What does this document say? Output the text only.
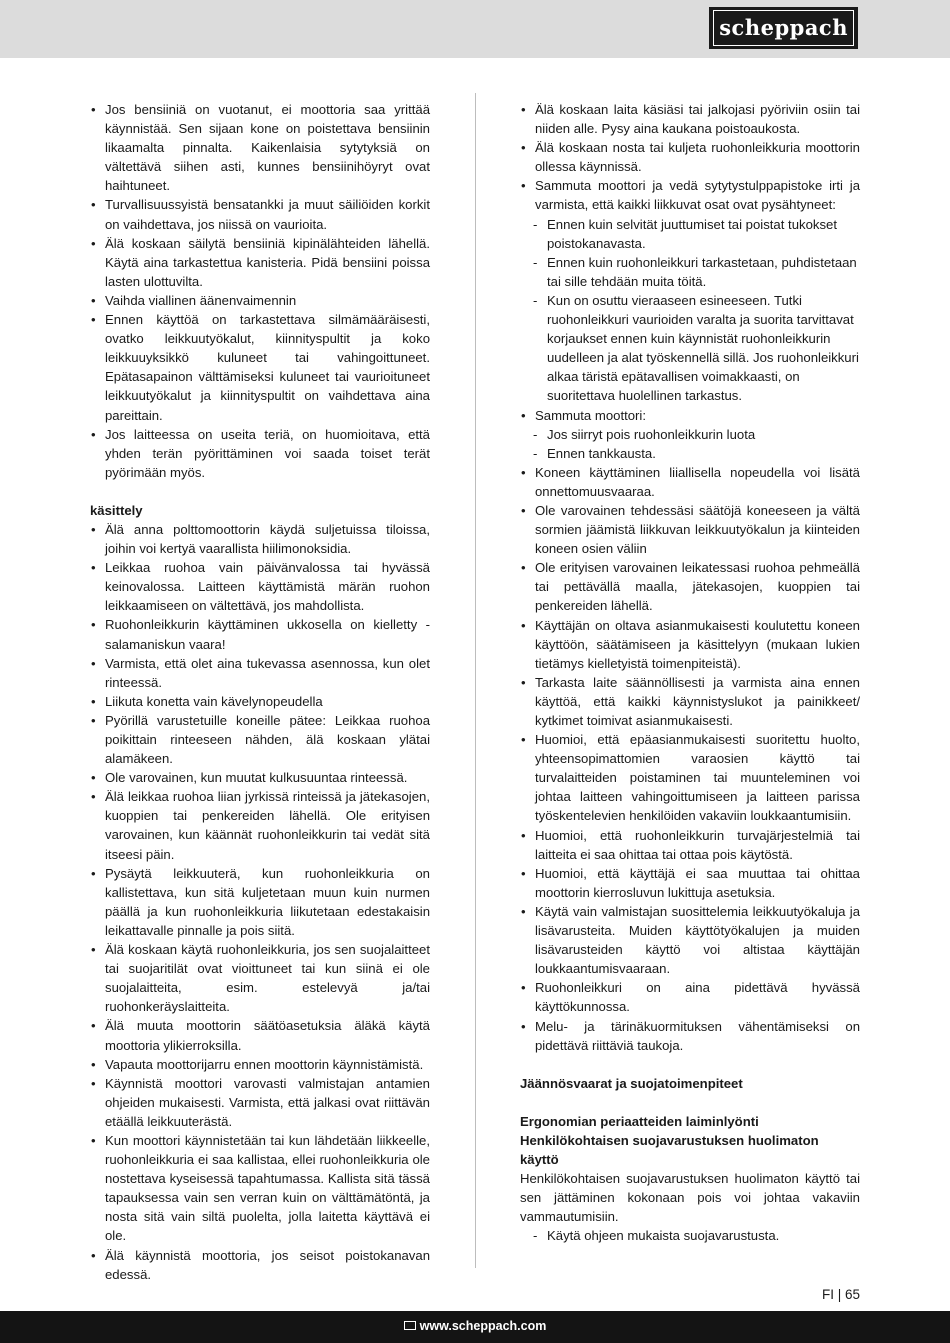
scheppach
• Jos bensiiniä on vuotanut, ei moottoria saa yrittää käynnistää. Sen sijaan kone on poistettava bensiinin likaamalta pinnalta. Kaikenlaisia sytytyksiä on vältettävä siihen asti, kunnes bensiinihöyryt ovat haihtuneet.
• Turvallisuussyistä bensatankki ja muut säiliöiden korkit on vaihdettava, jos niissä on vaurioita.
• Älä koskaan säilytä bensiiniä kipinälähteiden lähellä. Käytä aina tarkastettua kanisteria. Pidä bensiini poissa lasten ulottuvilta.
• Vaihda viallinen äänenvaimennin
• Ennen käyttöä on tarkastettava silmämääräisesti, ovatko leikkuutyökalut, kiinnityspultit ja koko leikkuuyksikkö kuluneet tai vahingoittuneet. Epätasapainon välttämiseksi kuluneet tai vaurioituneet leikkuutyökalut ja kiinnityspultit on vaihdettava aina pareittain.
• Jos laitteessa on useita teriä, on huomioitava, että yhden terän pyörittäminen voi saada toiset terät pyörimään myös.
käsittely
• Älä anna polttomoottorin käydä suljetuissa tiloissa, joihin voi kertyä vaarallista hiilimonoksidia.
• Leikkaa ruohoa vain päivänvalossa tai hyvässä keinovalossa. Laitteen käyttämistä märän ruohon leikkaamiseen on vältettävä, jos mahdollista.
• Ruohonleikkurin käyttäminen ukkosella on kielletty - salamaniskun vaara!
• Varmista, että olet aina tukevassa asennossa, kun olet rinteessä.
• Liikuta konetta vain kävelynopeudella
• Pyörillä varustetuille koneille pätee: Leikkaa ruohoa poikittain rinteeseen nähden, älä koskaan ylätai alamäkeen.
• Ole varovainen, kun muutat kulkusuuntaa rinteessä.
• Älä leikkaa ruohoa liian jyrkissä rinteissä ja jätekasojen, kuoppien tai penkereiden lähellä. Ole erityisen varovainen, kun käännät ruohonleikkurin tai vedät sitä itseesi päin.
• Pysäytä leikkuuterä, kun ruohonleikkuria on kallistettava, kun sitä kuljetetaan muun kuin nurmen päällä ja kun ruohonleikkuria liikutetaan edestakaisin leikattavalle pinnalle ja pois siitä.
• Älä koskaan käytä ruohonleikkuria, jos sen suojalaitteet tai suojaritilät ovat vioittuneet tai kun siinä ei ole suojalaitteita, esim. estelevyä ja/tai ruohonkeräyslaitteita.
• Älä muuta moottorin säätöasetuksia äläkä käytä moottoria ylikierroksilla.
• Vapauta moottorijarru ennen moottorin käynnistämistä.
• Käynnistä moottori varovasti valmistajan antamien ohjeiden mukaisesti. Varmista, että jalkasi ovat riittävän etäällä leikkuuterästä.
• Kun moottori käynnistetään tai kun lähdetään liikkeelle, ruohonleikkuria ei saa kallistaa, ellei ruohonleikkuria ole nostettava kyseisessä tapahtumassa. Kallista sitä tässä tapauksessa vain sen verran kuin on välttämätöntä, ja nosta sitä vain siltä puolelta, jolla laitetta käyttävä ei ole.
• Älä käynnistä moottoria, jos seisot poistokanavan edessä.
• Älä koskaan laita käsiäsi tai jalkojasi pyöriviin osiin tai niiden alle. Pysy aina kaukana poistoaukosta.
• Älä koskaan nosta tai kuljeta ruohonleikkuria moottorin ollessa käynnissä.
• Sammuta moottori ja vedä sytytystulppapistoke irti ja varmista, että kaikki liikkuvat osat ovat pysähtyneet:
- Ennen kuin selvität juuttumiset tai poistat tukokset poistokanavasta.
- Ennen kuin ruohonleikkuri tarkastetaan, puhdistetaan tai sille tehdään muita töitä.
- Kun on osuttu vieraaseen esineeseen. Tutki ruohonleikkuri vaurioiden varalta ja suorita tarvittavat korjaukset ennen kuin käynnistät ruohonleikkurin uudelleen ja alat työskennellä sillä. Jos ruohonleikkuri alkaa täristä epätavallisen voimakkaasti, on suoritettava huolellinen tarkastus.
• Sammuta moottori:
- Jos siirryt pois ruohonleikkurin luota
- Ennen tankkausta.
• Koneen käyttäminen liiallisella nopeudella voi lisätä onnettomuusvaaraa.
• Ole varovainen tehdessäsi säätöjä koneeseen ja vältä sormien jäämistä liikkuvan leikkuutyökalun ja kiinteiden koneen osien väliin
• Ole erityisen varovainen leikatessasi ruohoa pehmeällä tai pettävällä maalla, jätekasojen, kuoppien tai penkereiden lähellä.
• Käyttäjän on oltava asianmukaisesti koulutettu koneen käyttöön, säätämiseen ja käsittelyyn (mukaan lukien tietämys kielletyistä toimenpiteistä).
• Tarkasta laite säännöllisesti ja varmista aina ennen käyttöä, että kaikki käynnistyslukot ja painikkeet/ kytkimet toimivat asianmukaisesti.
• Huomioi, että epäasianmukaisesti suoritettu huolto, yhteensopimattomien varaosien käyttö tai turvalaitteiden poistaminen tai muunteleminen voi johtaa laitteen vahingoittumiseen ja laitteen parissa työskentelevien henkilöiden vakaviin loukkaantumisiin.
• Huomioi, että ruohonleikkurin turvajärjestelmiä tai laitteita ei saa ohittaa tai ottaa pois käytöstä.
• Huomioi, että käyttäjä ei saa muuttaa tai ohittaa moottorin kierrosluvun lukittuja asetuksia.
• Käytä vain valmistajan suosittelemia leikkuutyökaluja ja lisävarusteita. Muiden käyttötyökalujen ja muiden lisävarusteiden käyttö voi altistaa käyttäjän loukkaantumisvaaraan.
• Ruohonleikkuri on aina pidettävä hyvässä käyttökunnossa.
• Melu- ja tärinäkuormituksen vähentämiseksi on pidettävä riittäviä taukoja.
Jäännösvaarat ja suojatoimenpiteet
Ergonomian periaatteiden laiminlyönti Henkilökohtaisen suojavarustuksen huolimaton käyttö
Henkilökohtaisen suojavarustuksen huolimaton käyttö tai sen jättäminen kokonaan pois voi johtaa vakaviin vammautumisiin.
- Käytä ohjeen mukaista suojavarustusta.
FI | 65
www.scheppach.com
